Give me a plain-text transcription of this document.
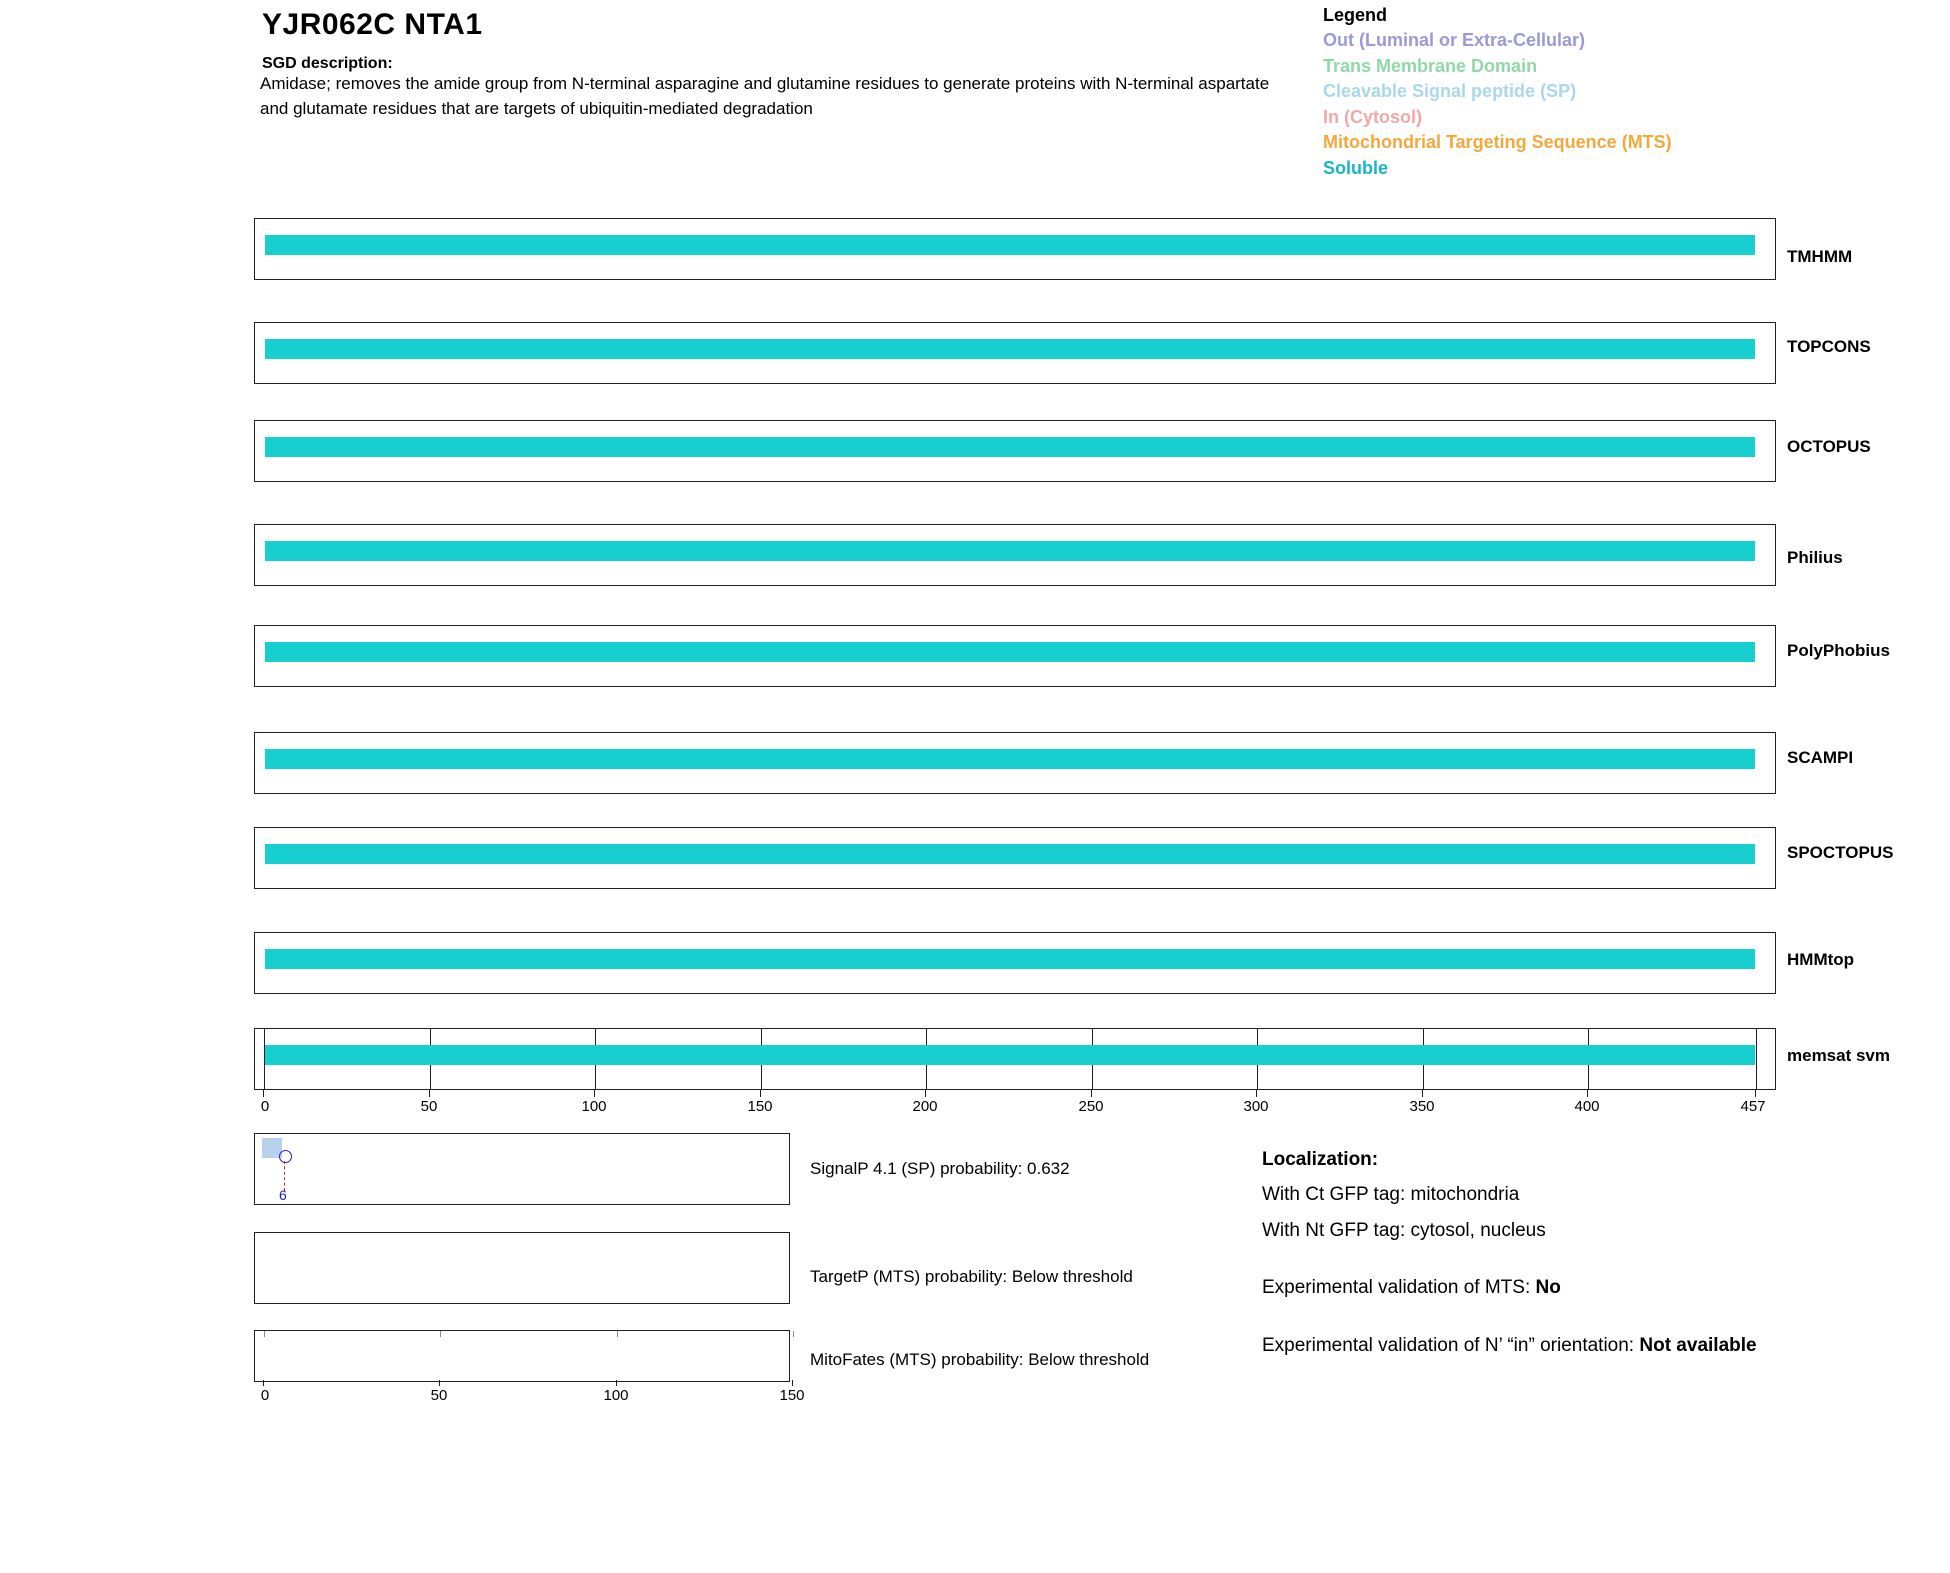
YJR062C NTA1
SGD description:
Amidase; removes the amide group from N-terminal asparagine and glutamine residues to generate proteins with N-terminal aspartate and glutamate residues that are targets of ubiquitin-mediated degradation
Legend
Out (Luminal or Extra-Cellular)
Trans Membrane Domain
Cleavable Signal peptide (SP)
In (Cytosol)
Mitochondrial Targeting Sequence (MTS)
Soluble
TMHMM
TOPCONS
OCTOPUS
Philius
PolyPhobius
SCAMPI
SPOCTOPUS
HMMtop
memsat svm
0	50	100	150	200	250	300	350	400	457
6
SignalP 4.1 (SP) probability: 0.632
TargetP (MTS) probability: Below threshold
MitoFates (MTS) probability: Below threshold
0	50	100	150
Localization:
With Ct GFP tag: mitochondria
With Nt GFP tag: cytosol, nucleus
Experimental validation of MTS: No
Experimental validation of N’ “in” orientation: Not available
